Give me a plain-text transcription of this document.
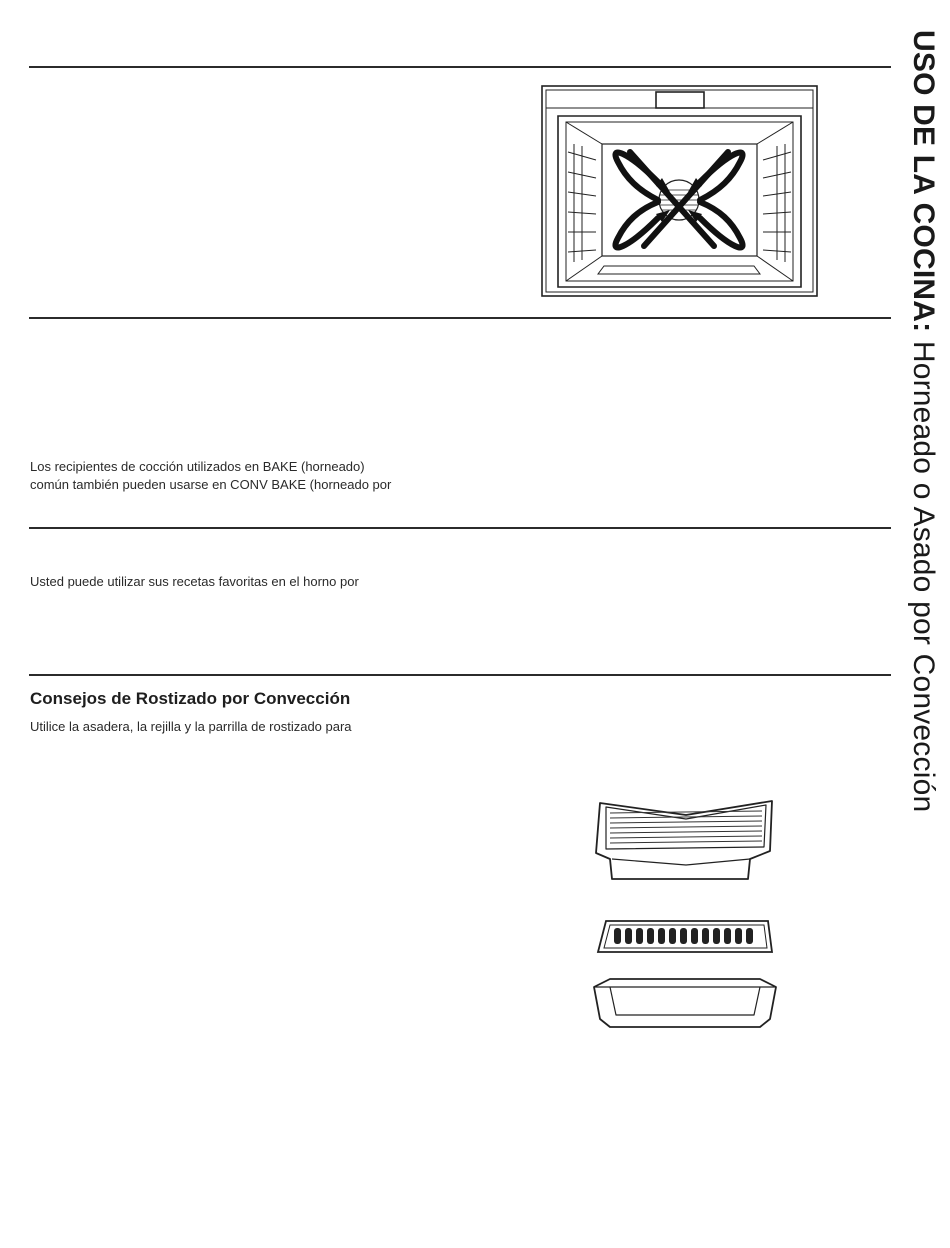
USO DE LA COCINA: Horneado o Asado por Convección

Los recipientes de cocción utilizados en BAKE (horneado)

común también pueden usarse en CONV BAKE (horneado por

Usted puede utilizar sus recetas favoritas en el horno por

Consejos de Rostizado por Convección

Utilice la asadera, la rejilla y la parrilla de rostizado para
